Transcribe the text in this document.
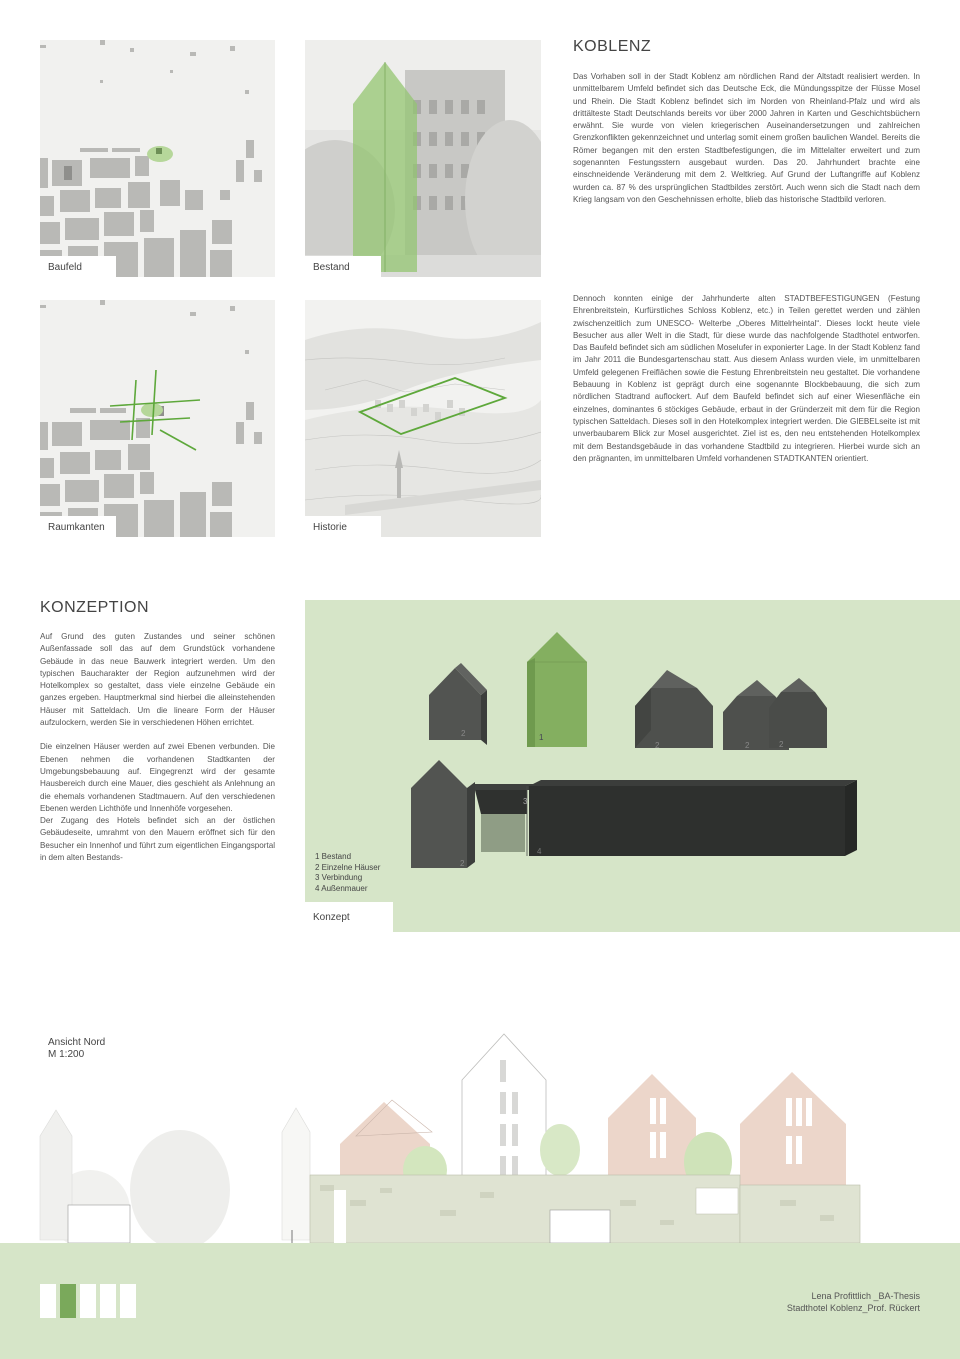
Baufeld	Bestand
KOBLENZ

Das Vorhaben soll in der Stadt Koblenz am nördlichen Rand der Altstadt realisiert werden. In unmittelbarem Umfeld befindet sich das Deutsche Eck, die Mündungsspitze der Flüsse Mosel und Rhein. Die Stadt Koblenz befindet sich im Norden von Rheinland-Pfalz und wird als drittälteste Stadt Deutschlands bereits vor über 2000 Jahren in Karten und Geschichtsbüchern erwähnt. Sie wurde von vielen kriegerischen Auseinandersetzungen und zahlreichen Grenzkonflikten gekennzeichnet und unterlag somit einem großen baulichen Wandel. Bereits die Römer begangen mit den ersten Stadtbefestigungen, die im Mittelalter erweitert und zum sogenannten Festungsstern ausgebaut wurden. Das 20. Jahrhundert brachte eine einschneidende Veränderung mit dem 2. Weltkrieg. Auf Grund der Luftangriffe auf Koblenz wurden ca. 87 % des ursprünglichen Stadtbildes zerstört. Auch wenn sich die Stadt nach dem Krieg langsam von den Geschehnissen erholte, blieb das historische Stadtbild verloren.

Dennoch konnten einige der Jahrhunderte alten STADTBEFESTIGUNGEN (Festung Ehrenbreitstein, Kurfürstliches Schloss Koblenz, etc.) in Teilen gerettet werden und zählen zwischenzeitlich zum UNESCO- Welterbe „Oberes Mittelrheintal“. Dieses lockt heute viele Besucher aus aller Welt in die Stadt, für diese wurde das nachfolgende Stadthotel entworfen. Das Baufeld befindet sich am südlichen Moselufer in exponierter Lage. In der Stadt Koblenz fand im Jahr 2011 die Bundesgartenschau statt. Aus diesem Anlass wurden viele, im unmittelbaren Umfeld gelegenen Freiflächen sowie die Festung Ehrenbreitstein neu gestaltet. Die vorhandene Bebauung in Koblenz ist geprägt durch eine sogenannte Blockbebauung, die sich zum nördlichen Stadtrand auflockert. Auf dem Baufeld befindet sich auf einer Wiesenfläche ein einzelnes, dominantes 6 stöckiges Gebäude, erbaut in der Gründerzeit mit dem für die Region typischen Satteldach. Dieses soll in den Hotelkomplex integriert werden. Die GIEBELseite ist mit unverbaubarem Blick zur Mosel ausgerichtet. Ziel ist es, den neu entstehenden Hotelkomplex mit dem Bestandsgebäude in das vorhandene Stadtbild zu integrieren. Hierbei wurde sich an den prägnanten, im unmittelbaren Umfeld vorhandenen STADTKANTEN orientiert.

Raumkanten	Historie
KONZEPTION

Auf Grund des guten Zustandes und seiner schönen Außenfassade soll das auf dem Grundstück vorhandene Gebäude in das neue Bauwerk integriert werden. Um den typischen Baucharakter der Region aufzunehmen wird der Hotelkomplex so gestaltet, dass viele einzelne Gebäude ein ganzes ergeben. Hauptmerkmal sind hierbei die alleinstehenden Häuser mit Satteldach. Um die lineare Form der Häuser aufzulockern, werden Sie in verschiedenen Höhen errichtet.

Die einzelnen Häuser werden auf zwei Ebenen verbunden. Die Ebenen nehmen die vorhandenen Stadtkanten der Umgebungsbebauung auf. Eingegrenzt wird der gesamte Hausbereich durch eine Mauer, dies geschieht als Anlehnung an die ehemals vorhandenen Stadtmauern. Auf den verschiedenen Ebenen werden Lichthöfe und Innenhöfe vorgesehen.

Der Zugang des Hotels befindet sich an der östlichen Gebäudeseite, umrahmt von den Mauern eröffnet sich für den Besucher ein Innenhof und führt zum eigentlichen Eingangsportal in dem alten Bestands-

2	1
2	2	2
3
4
2
1 Bestand
2 Einzelne Häuser
3 Verbindung
4 Außenmauer
Konzept
Ansicht Nord
M 1:200
Lena Profittlich _BA-Thesis
Stadthotel Koblenz_Prof. Rückert
